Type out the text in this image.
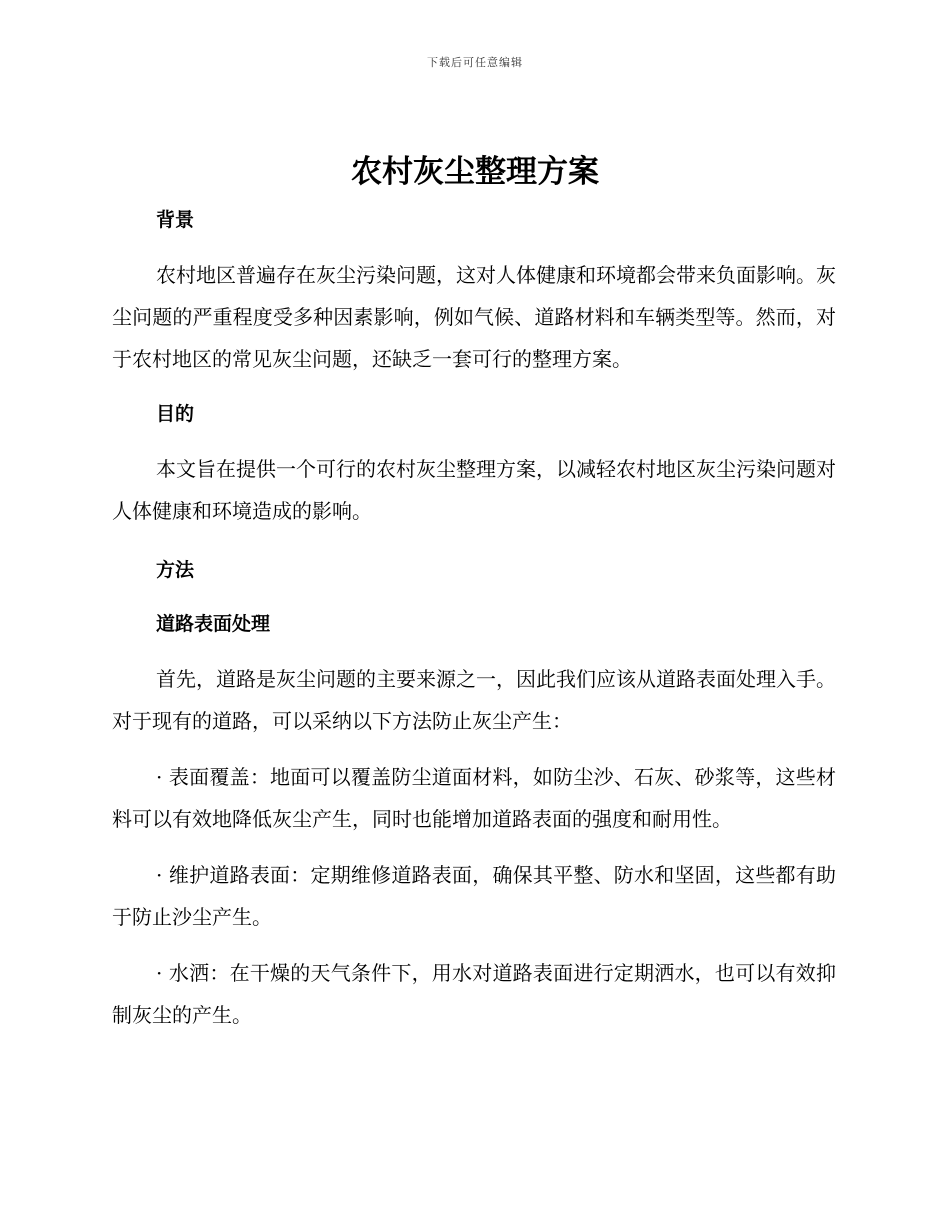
下载后可任意编辑
农村灰尘整理方案
背景

农村地区普遍存在灰尘污染问题，这对人体健康和环境都会带来负面影响。灰尘问题的严重程度受多种因素影响，例如气候、道路材料和车辆类型等。然而，对于农村地区的常见灰尘问题，还缺乏一套可行的整理方案。

目的

本文旨在提供一个可行的农村灰尘整理方案，以减轻农村地区灰尘污染问题对人体健康和环境造成的影响。

方法
道路表面处理

首先，道路是灰尘问题的主要来源之一，因此我们应该从道路表面处理入手。对于现有的道路，可以采纳以下方法防止灰尘产生：

· 表面覆盖：地面可以覆盖防尘道面材料，如防尘沙、石灰、砂浆等，这些材料可以有效地降低灰尘产生，同时也能增加道路表面的强度和耐用性。

· 维护道路表面：定期维修道路表面，确保其平整、防水和坚固，这些都有助于防止沙尘产生。

· 水洒：在干燥的天气条件下，用水对道路表面进行定期洒水，也可以有效抑制灰尘的产生。
